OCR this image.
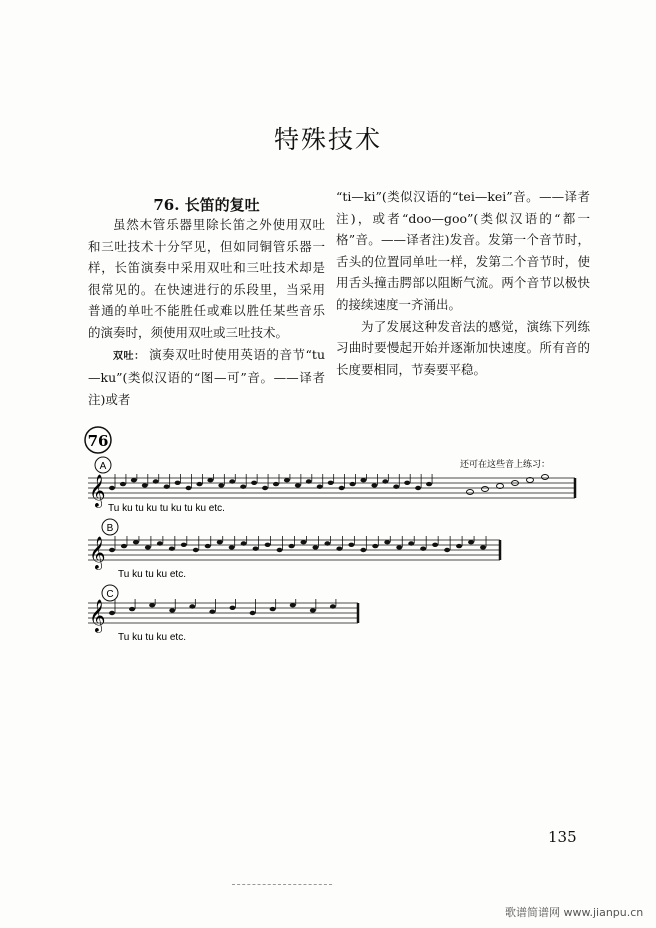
特殊技术
76. 长笛的复吐

虽然木管乐器里除长笛之外使用双吐和三吐技术十分罕见，但如同铜管乐器一样，长笛演奏中采用双吐和三吐技术却是很常见的。在快速进行的乐段里，当采用普通的单吐不能胜任或难以胜任某些音乐的演奏时，须使用双吐或三吐技术。

双吐： 演奏双吐时使用英语的音节“tu—ku”(类似汉语的“图—可”音。——译者注)或者

“ti—ki”(类似汉语的“tei—kei”音。——译者注)，或者“doo—goo”(类似汉语的“都一格”音。——译者注)发音。发第一个音节时，舌头的位置同单吐一样，发第二个音节时，使用舌头撞击腭部以阻断气流。两个音节以极快的接续速度一齐涌出。

为了发展这种发音法的感觉，演练下列练习曲时要慢起开始并逐渐加快速度。所有音的长度要相同，节奏要平稳。

76
A
B
C
Tu ku tu ku tu ku tu ku etc.
Tu ku tu ku etc.
Tu ku tu ku etc.
还可在这些音上练习：
𝄞
𝄞
𝄞
135
歌谱简谱网 www.jianpu.cn
